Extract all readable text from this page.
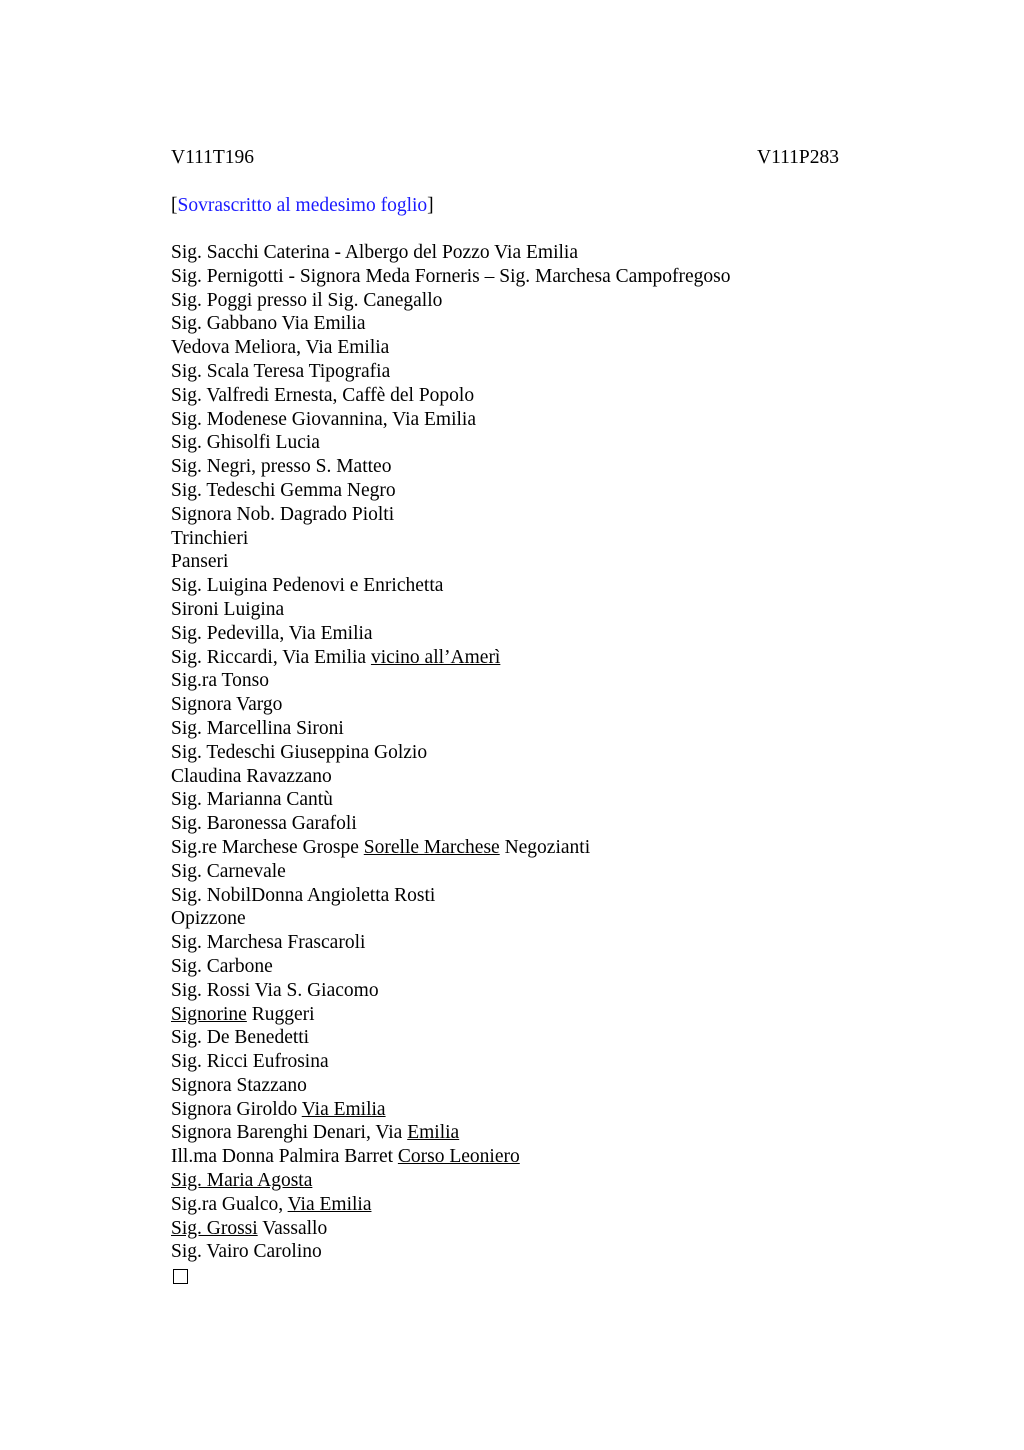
V111T196	V111P283
[Sovrascritto al medesimo foglio]
Sig. Sacchi Caterina - Albergo del Pozzo Via Emilia
Sig. Pernigotti - Signora Meda Forneris – Sig. Marchesa Campofregoso
Sig. Poggi presso il Sig. Canegallo
Sig. Gabbano Via Emilia
Vedova Meliora, Via Emilia
Sig. Scala Teresa Tipografia
Sig. Valfredi Ernesta, Caffè del Popolo
Sig. Modenese Giovannina, Via Emilia
Sig. Ghisolfi Lucia
Sig. Negri, presso S. Matteo
Sig. Tedeschi Gemma Negro
Signora Nob. Dagrado Piolti
Trinchieri
Panseri
Sig. Luigina Pedenovi e Enrichetta
Sironi Luigina
Sig. Pedevilla, Via Emilia
Sig. Riccardi, Via Emilia vicino all’Amerì
Sig.ra Tonso
Signora Vargo
Sig. Marcellina Sironi
Sig. Tedeschi Giuseppina Golzio
Claudina Ravazzano
Sig. Marianna Cantù
Sig. Baronessa Garafoli
Sig.re Marchese Grospe Sorelle Marchese Negozianti
Sig. Carnevale
Sig. NobilDonna Angioletta Rosti
Opizzone
Sig. Marchesa Frascaroli
Sig. Carbone
Sig. Rossi Via S. Giacomo
Signorine Ruggeri
Sig. De Benedetti
Sig. Ricci Eufrosina
Signora Stazzano
Signora Giroldo Via Emilia
Signora Barenghi Denari, Via Emilia
Ill.ma Donna Palmira Barret Corso Leoniero
Sig. Maria Agosta
Sig.ra Gualco, Via Emilia
Sig. Grossi Vassallo
Sig. Vairo Carolino
